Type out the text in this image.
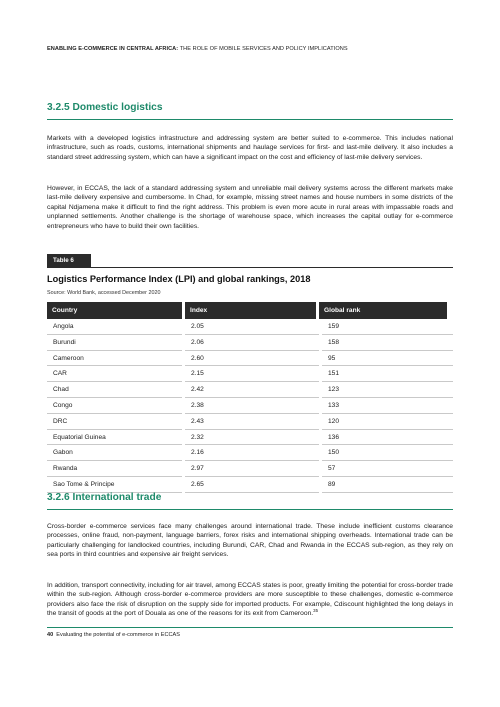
ENABLING E-COMMERCE IN CENTRAL AFRICA: THE ROLE OF MOBILE SERVICES AND POLICY IMPLICATIONS
3.2.5 Domestic logistics

Markets with a developed logistics infrastructure and addressing system are better suited to e-commerce. This includes national infrastructure, such as roads, customs, international shipments and haulage services for first- and last-mile delivery. It also includes a standard street addressing system, which can have a significant impact on the cost and efficiency of last-mile delivery services.

However, in ECCAS, the lack of a standard addressing system and unreliable mail delivery systems across the different markets make last-mile delivery expensive and cumbersome. In Chad, for example, missing street names and house numbers in some districts of the capital Ndjamena make it difficult to find the right address. This problem is even more acute in rural areas with impassable roads and unplanned settlements. Another challenge is the shortage of warehouse space, which increases the capital outlay for e-commerce entrepreneurs who have to build their own facilities.

Table 6
Logistics Performance Index (LPI) and global rankings, 2018
Source: World Bank, accessed December 2020
Country	Index	Global rank
Angola	2.05	159
Burundi	2.06	158
Cameroon	2.60	95
CAR	2.15	151
Chad	2.42	123
Congo	2.38	133
DRC	2.43	120
Equatorial Guinea	2.32	136
Gabon	2.16	150
Rwanda	2.97	57
Sao Tome & Principe	2.65	89
3.2.6 International trade

Cross-border e-commerce services face many challenges around international trade. These include inefficient customs clearance processes, online fraud, non-payment, language barriers, forex risks and international shipping overheads. International trade can be particularly challenging for landlocked countries, including Burundi, CAR, Chad and Rwanda in the ECCAS sub-region, as they rely on sea ports in third countries and expensive air freight services.

In addition, transport connectivity, including for air travel, among ECCAS states is poor, greatly limiting the potential for cross-border trade within the sub-region. Although cross-border e-commerce providers are more susceptible to these challenges, domestic e-commerce providers also face the risk of disruption on the supply side for imported products. For example, Cdiscount highlighted the long delays in the transit of goods at the port of Douala as one of the reasons for its exit from Cameroon.$^{35}$

40 Evaluating the potential of e-commerce in ECCAS
